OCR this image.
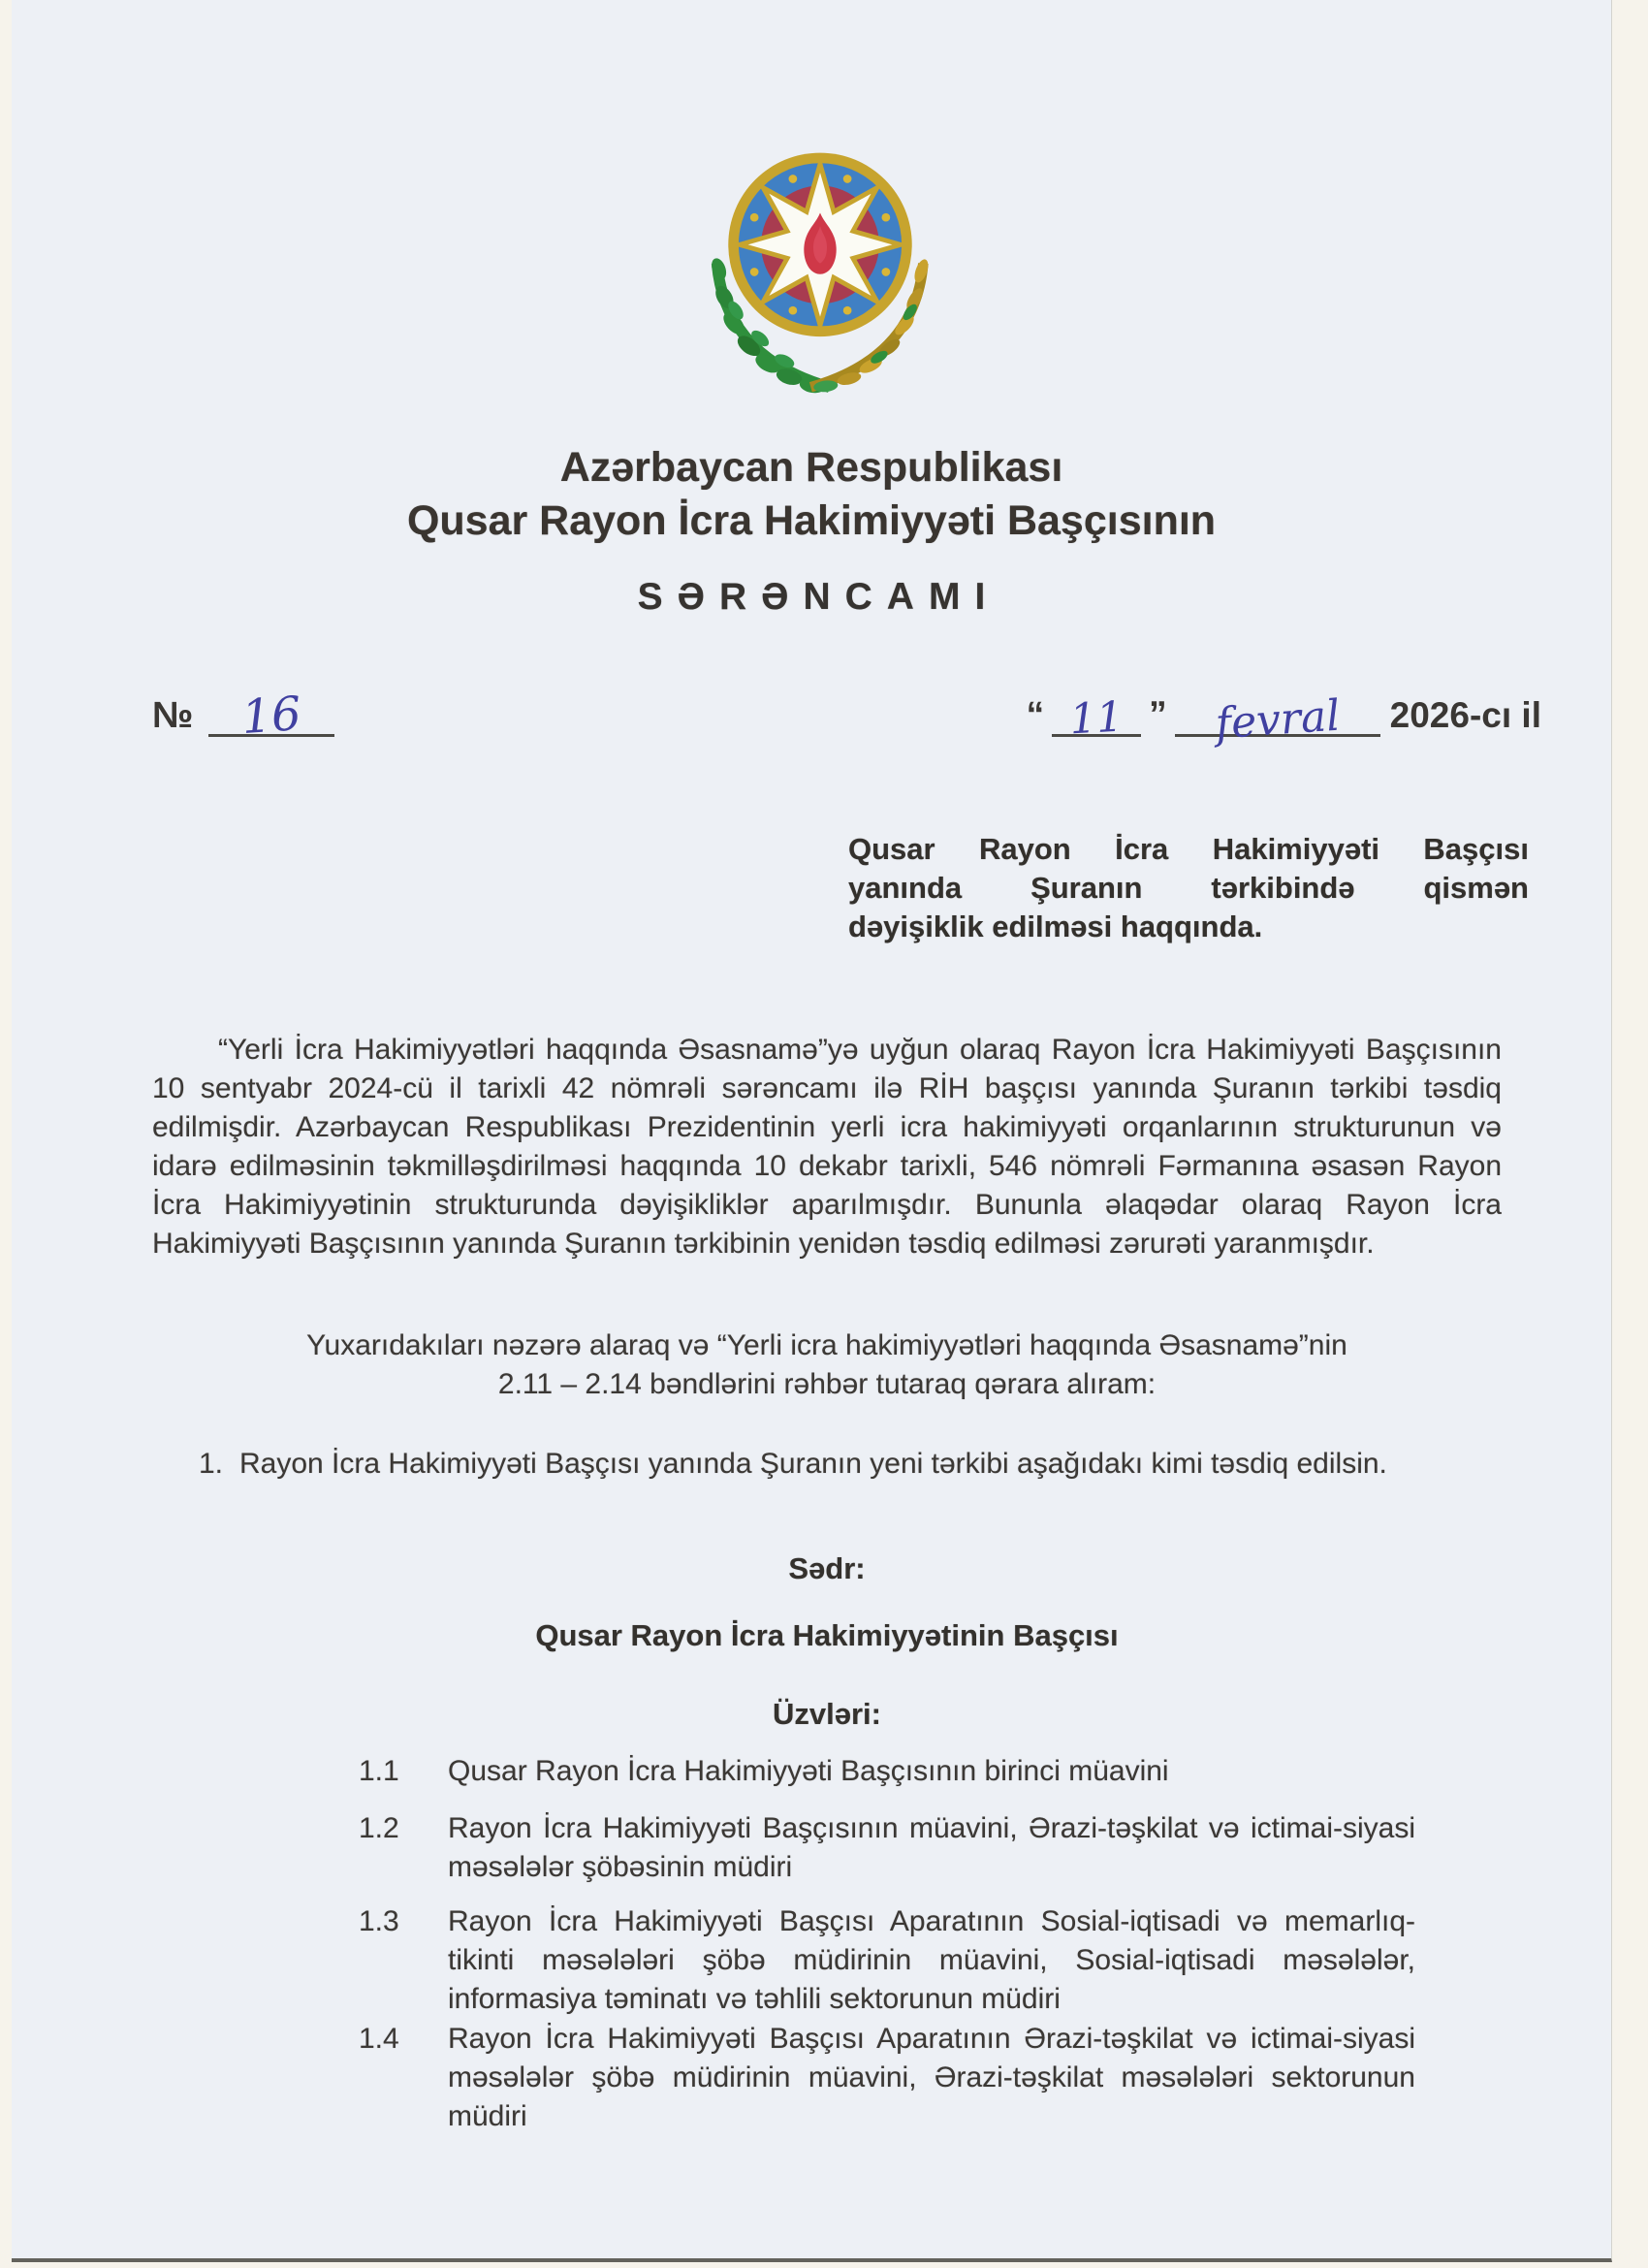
Azərbaycan Respublikası
Qusar Rayon İcra Hakimiyyəti Başçısının
SƏRƏNCAMI
№	16	“ 11 ”	fevral	2026-cı il
Qusar Rayon İcra Hakimiyyəti Başçısı
yanında Şuranın tərkibində qismən
dəyişiklik edilməsi haqqında.
“Yerli İcra Hakimiyyətləri haqqında Əsasnamə”yə uyğun olaraq Rayon İcra Hakimiyyəti Başçısının 10 sentyabr 2024-cü il tarixli 42 nömrəli sərəncamı ilə RİH başçısı yanında Şuranın tərkibi təsdiq edilmişdir. Azərbaycan Respublikası Prezidentinin yerli icra hakimiyyəti orqanlarının strukturunun və idarə edilməsinin təkmilləşdirilməsi haqqında 10 dekabr tarixli, 546 nömrəli Fərmanına əsasən Rayon İcra Hakimiyyətinin strukturunda dəyişikliklər aparılmışdır. Bununla əlaqədar olaraq Rayon İcra Hakimiyyəti Başçısının yanında Şuranın tərkibinin yenidən təsdiq edilməsi zərurəti yaranmışdır.
Yuxarıdakıları nəzərə alaraq və “Yerli icra hakimiyyətləri haqqında Əsasnamə”nin
2.11 – 2.14 bəndlərini rəhbər tutaraq qərara alıram:
1. Rayon İcra Hakimiyyəti Başçısı yanında Şuranın yeni tərkibi aşağıdakı kimi təsdiq edilsin.
Sədr:
Qusar Rayon İcra Hakimiyyətinin Başçısı
Üzvləri:
1.1	Qusar Rayon İcra Hakimiyyəti Başçısının birinci müavini
1.2	Rayon İcra Hakimiyyəti Başçısının müavini, Ərazi-təşkilat və ictimai-siyasi məsələlər şöbəsinin müdiri
1.3	Rayon İcra Hakimiyyəti Başçısı Aparatının Sosial-iqtisadi və memarlıq-tikinti məsələləri şöbə müdirinin müavini, Sosial-iqtisadi məsələlər, informasiya təminatı və təhlili sektorunun müdiri
1.4	Rayon İcra Hakimiyyəti Başçısı Aparatının Ərazi-təşkilat və ictimai-siyasi məsələlər şöbə müdirinin müavini, Ərazi-təşkilat məsələləri sektorunun müdiri
